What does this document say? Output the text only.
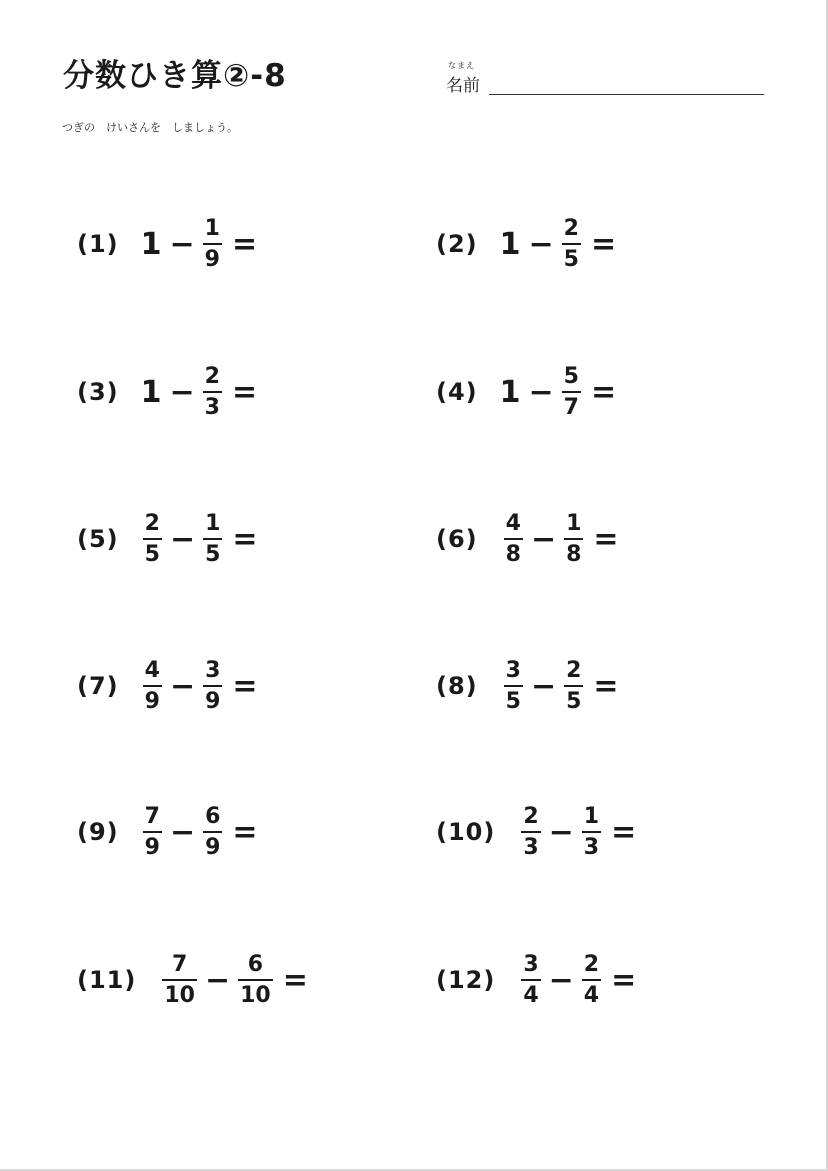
分数ひき算②-8	なまえ
名前
つぎの　けいさんを　しましょう。
(1) $1 - \frac{1}{9}$ =
(3) $1 - \frac{2}{3}$ =
$(5) \frac{2}{5} - \frac{1}{5}$ =
$(7) \frac{4}{9} - \frac{3}{9}$ =
$(9) \frac{7}{9} - \frac{6}{9}$ =
$(11) \frac{7}{10} - \frac{6}{10}$ =
(2) $1 - \frac{2}{5}$ =
(4) $1 - \frac{5}{7}$ =
$(6) \frac{4}{8} - \frac{1}{8}$ =
$(8) \frac{3}{5} - \frac{2}{5}$ =
$(10) \frac{2}{3} - \frac{1}{3}$ =
$(12) \frac{3}{4} - \frac{2}{4}$ =
